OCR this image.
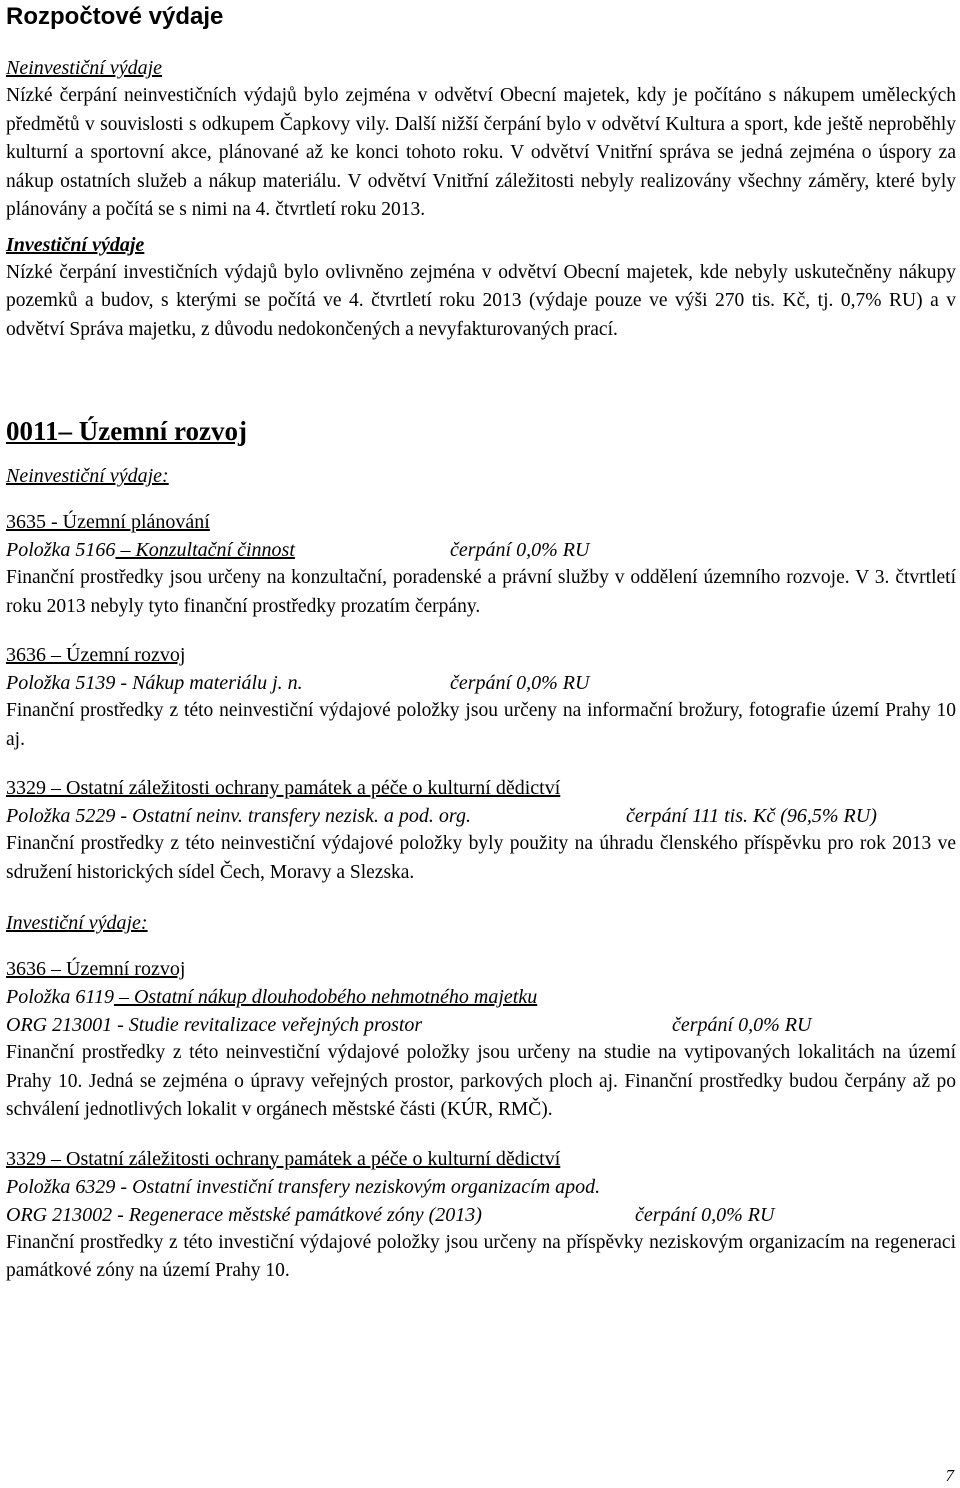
Rozpočtové výdaje
Neinvestiční výdaje

Nízké čerpání neinvestičních výdajů bylo zejména v odvětví Obecní majetek, kdy je počítáno s nákupem uměleckých předmětů v souvislosti s odkupem Čapkovy vily. Další nižší čerpání bylo v odvětví Kultura a sport, kde ještě neproběhly kulturní a sportovní akce, plánované až ke konci tohoto roku. V odvětví Vnitřní správa se jedná zejména o úspory za nákup ostatních služeb a nákup materiálu. V odvětví Vnitřní záležitosti nebyly realizovány všechny záměry, které byly plánovány a počítá se s nimi na 4. čtvrtletí roku 2013.

Investiční výdaje

Nízké čerpání investičních výdajů bylo ovlivněno zejména v odvětví Obecní majetek, kde nebyly uskutečněny nákupy pozemků a budov, s kterými se počítá ve 4. čtvrtletí roku 2013 (výdaje pouze ve výši 270 tis. Kč, tj. 0,7% RU) a v odvětví Správa majetku, z důvodu nedokončených a nevyfakturovaných prací.

0011– Územní rozvoj
Neinvestiční výdaje:
3635 - Územní plánování
Položka 5166 – Konzultační činnost	čerpání 0,0% RU

Finanční prostředky jsou určeny na konzultační, poradenské a právní služby v oddělení územního rozvoje. V 3. čtvrtletí roku 2013 nebyly tyto finanční prostředky prozatím čerpány.

3636 – Územní rozvoj
Položka 5139 - Nákup materiálu j. n.	čerpání 0,0% RU

Finanční prostředky z této neinvestiční výdajové položky jsou určeny na informační brožury, fotografie území Prahy 10 aj.

3329 – Ostatní záležitosti ochrany památek a péče o kulturní dědictví
Položka 5229 - Ostatní neinv. transfery nezisk. a pod. org.	čerpání 111 tis. Kč (96,5% RU)

Finanční prostředky z této neinvestiční výdajové položky byly použity na úhradu členského příspěvku pro rok 2013 ve sdružení historických sídel Čech, Moravy a Slezska.

Investiční výdaje:
3636 – Územní rozvoj
Položka 6119 – Ostatní nákup dlouhodobého nehmotného majetku
ORG 213001 - Studie revitalizace veřejných prostor	čerpání 0,0% RU

Finanční prostředky z této neinvestiční výdajové položky jsou určeny na studie na vytipovaných lokalitách na území Prahy 10. Jedná se zejména o úpravy veřejných prostor, parkových ploch aj. Finanční prostředky budou čerpány až po schválení jednotlivých lokalit v orgánech městské části (KÚR, RMČ).

3329 – Ostatní záležitosti ochrany památek a péče o kulturní dědictví
Položka 6329 - Ostatní investiční transfery neziskovým organizacím apod.
ORG 213002 - Regenerace městské památkové zóny (2013)	čerpání 0,0% RU

Finanční prostředky z této investiční výdajové položky jsou určeny na příspěvky neziskovým organizacím na regeneraci památkové zóny na území Prahy 10.

7
